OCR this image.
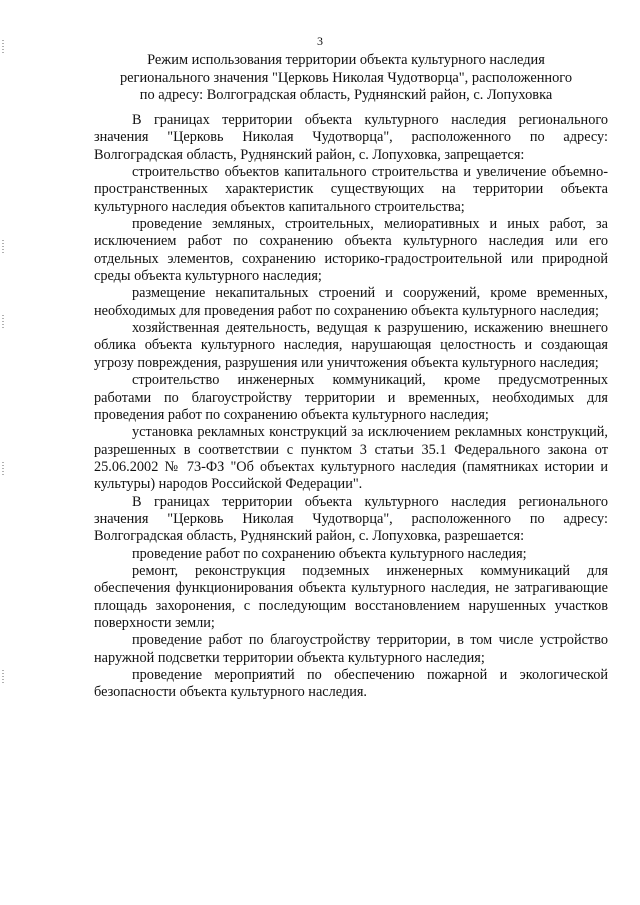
3
Режим использования территории объекта культурного наследия
регионального значения "Церковь Николая Чудотворца", расположенного
по адресу: Волгоградская область, Руднянский район, с. Лопуховка

В границах территории объекта культурного наследия регионального значения "Церковь Николая Чудотворца", расположенного по адресу: Волгоградская область, Руднянский район, с. Лопуховка, запрещается:

строительство объектов капитального строительства и увеличение объемно-пространственных характеристик существующих на территории объекта культурного наследия объектов капитального строительства;

проведение земляных, строительных, мелиоративных и иных работ, за исключением работ по сохранению объекта культурного наследия или его отдельных элементов, сохранению историко-градостроительной или природной среды объекта культурного наследия;

размещение некапитальных строений и сооружений, кроме временных, необходимых для проведения работ по сохранению объекта культурного наследия;

хозяйственная деятельность, ведущая к разрушению, искажению внешнего облика объекта культурного наследия, нарушающая целостность и создающая угрозу повреждения, разрушения или уничтожения объекта культурного наследия;

строительство инженерных коммуникаций, кроме предусмотренных работами по благоустройству территории и временных, необходимых для проведения работ по сохранению объекта культурного наследия;

установка рекламных конструкций за исключением рекламных конструкций, разрешенных в соответствии с пунктом 3 статьи 35.1 Федерального закона от 25.06.2002 № 73-ФЗ "Об объектах культурного наследия (памятниках истории и культуры) народов Российской Федерации".

В границах территории объекта культурного наследия регионального значения "Церковь Николая Чудотворца", расположенного по адресу: Волгоградская область, Руднянский район, с. Лопуховка, разрешается:

проведение работ по сохранению объекта культурного наследия;

ремонт, реконструкция подземных инженерных коммуникаций для обеспечения функционирования объекта культурного наследия, не затрагивающие площадь захоронения, с последующим восстановлением нарушенных участков поверхности земли;

проведение работ по благоустройству территории, в том числе устройство наружной подсветки территории объекта культурного наследия;

проведение мероприятий по обеспечению пожарной и экологической безопасности объекта культурного наследия.
